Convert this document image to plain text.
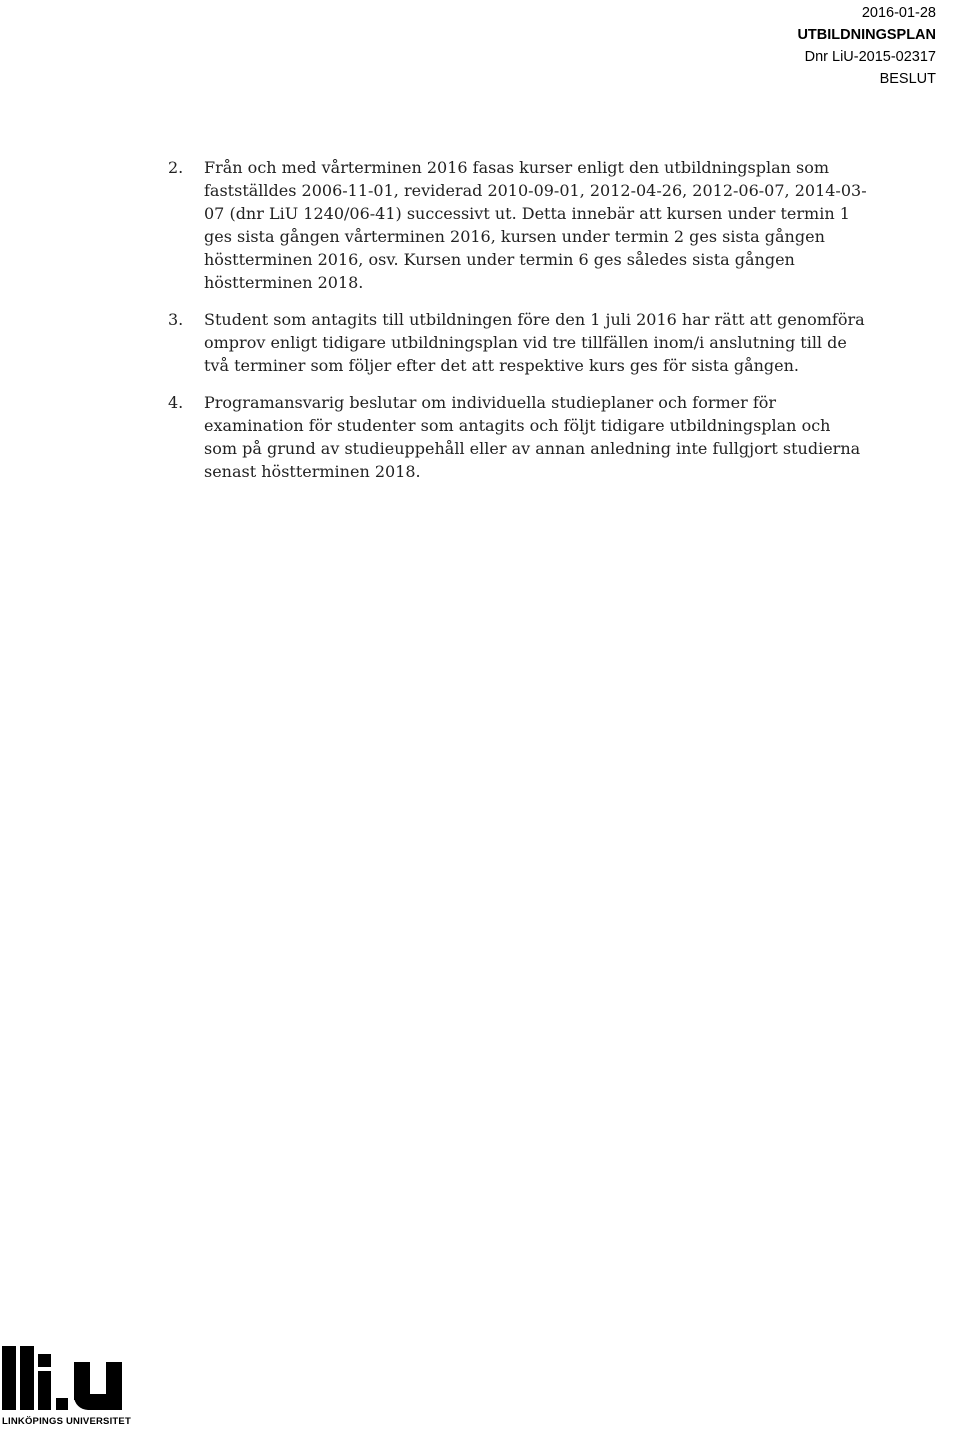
2016-01-28
UTBILDNINGSPLAN
Dnr LiU-2015-02317
BESLUT
2. Från och med vårterminen 2016 fasas kurser enligt den utbildningsplan som fastställdes 2006-11-01, reviderad 2010-09-01, 2012-04-26, 2012-06-07, 2014-03-07 (dnr LiU 1240/06-41) successivt ut. Detta innebär att kursen under termin 1 ges sista gången vårterminen 2016, kursen under termin 2 ges sista gången höstterminen 2016, osv. Kursen under termin 6 ges således sista gången höstterminen 2018.
3. Student som antagits till utbildningen före den 1 juli 2016 har rätt att genomföra omprov enligt tidigare utbildningsplan vid tre tillfällen inom/i anslutning till de två terminer som följer efter det att respektive kurs ges för sista gången.
4. Programansvarig beslutar om individuella studieplaner och former för examination för studenter som antagits och följt tidigare utbildningsplan och som på grund av studieuppehåll eller av annan anledning inte fullgjort studierna senast höstterminen 2018.
LINKÖPINGS UNIVERSITET
